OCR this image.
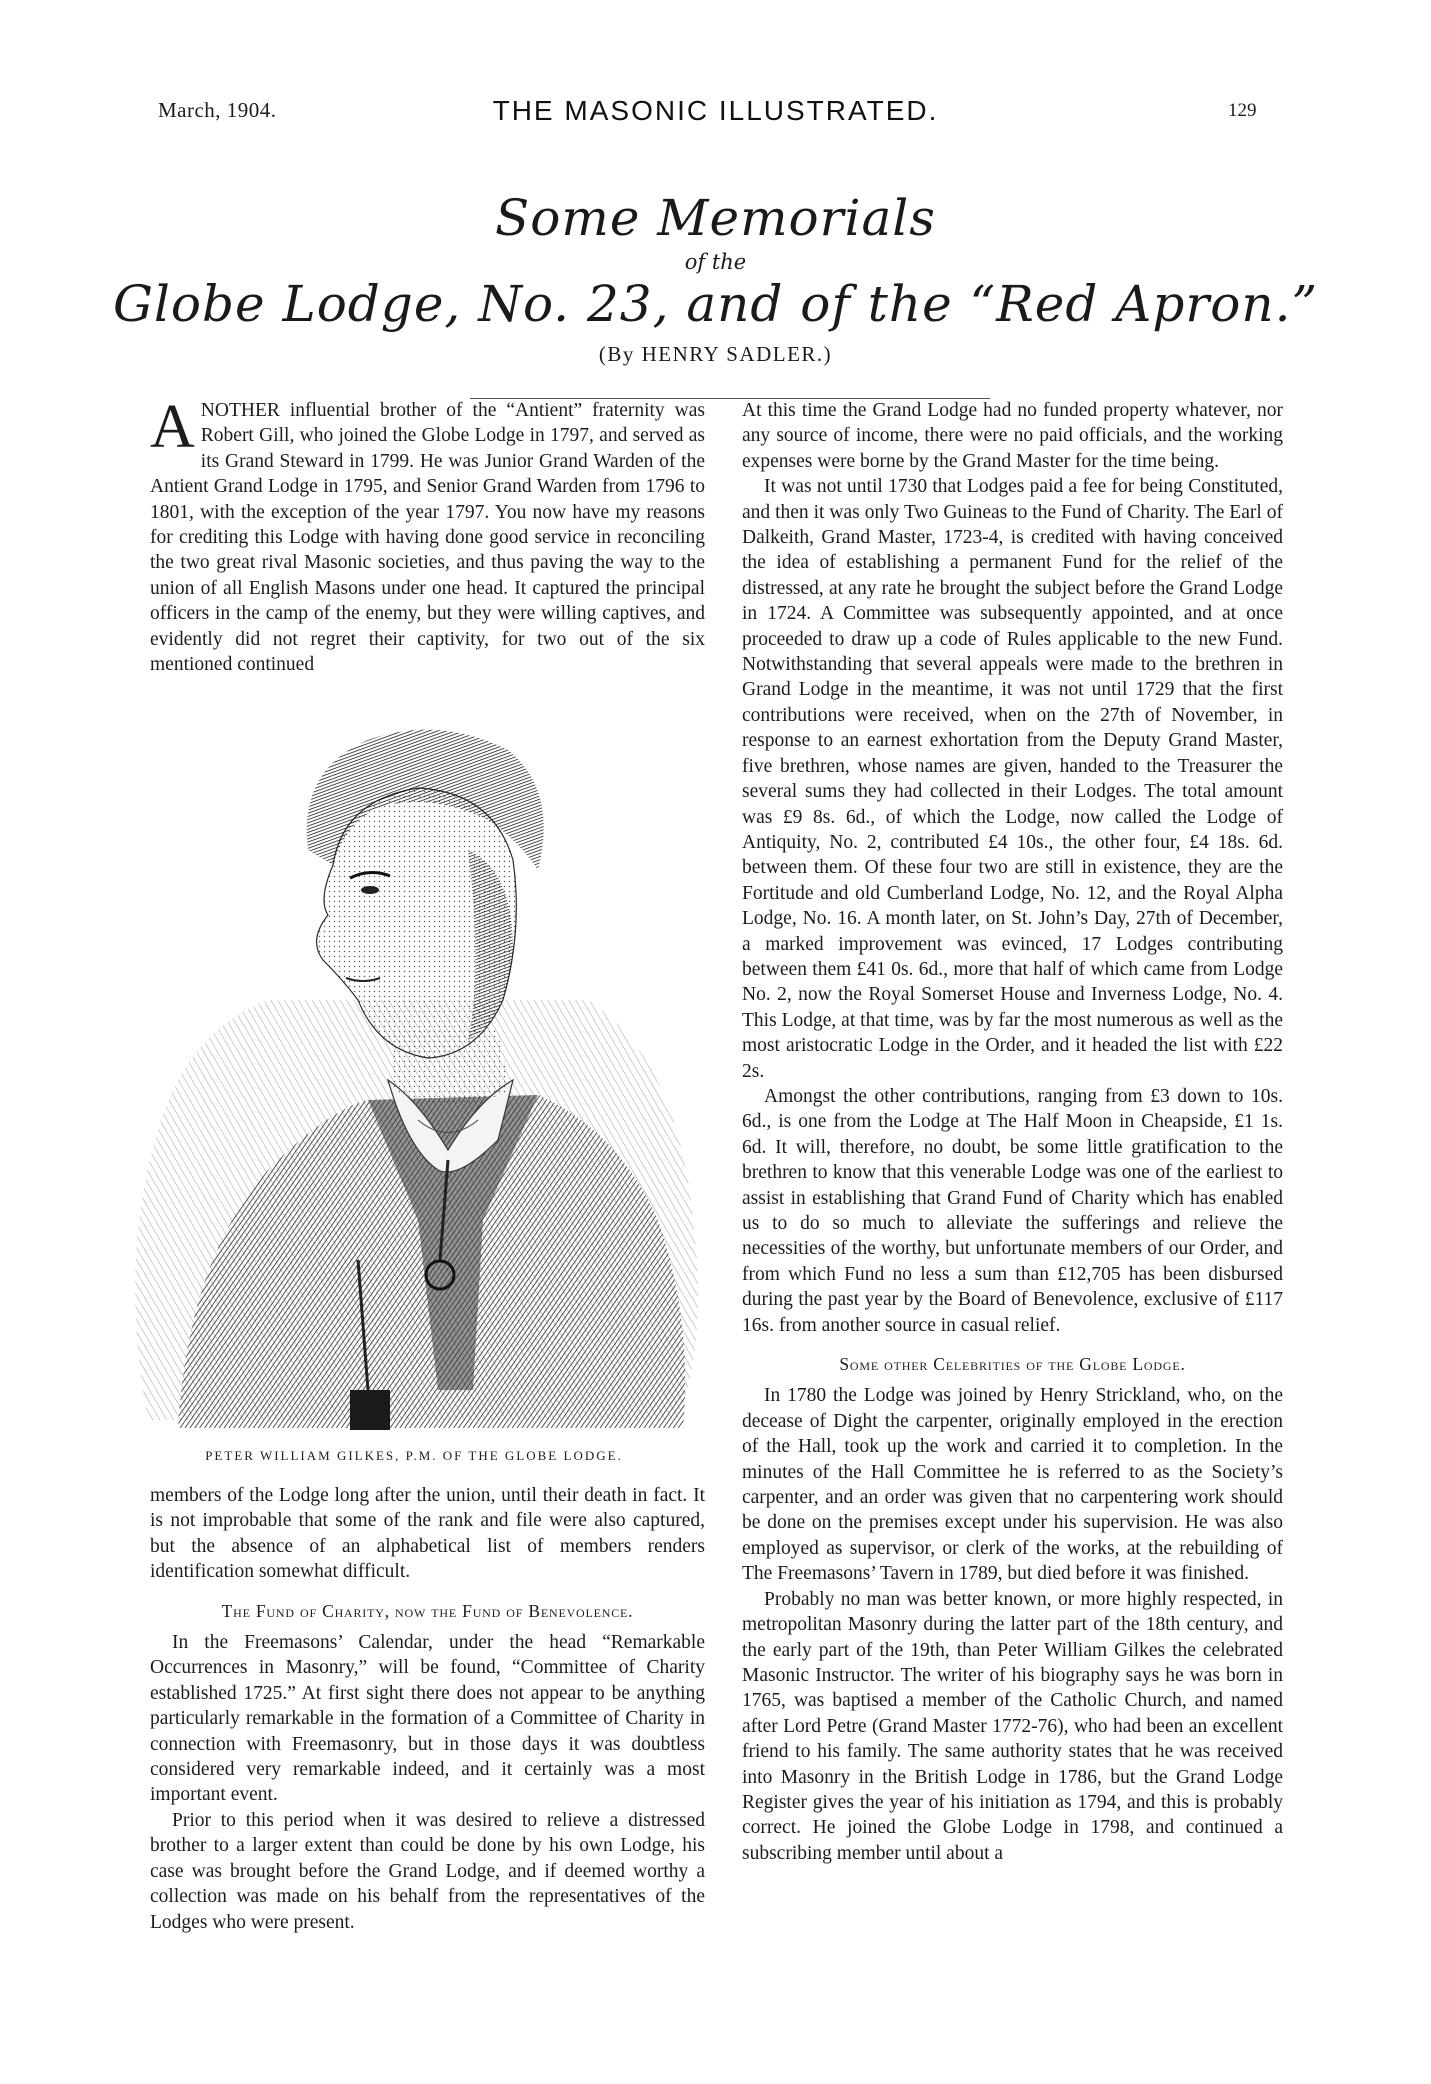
March, 1904.	THE MASONIC ILLUSTRATED.	129
Some Memorials
of the
Globe Lodge, No. 23, and of the “Red Apron.”
(By HENRY SADLER.)

ANOTHER influential brother of the “Antient” fraternity was Robert Gill, who joined the Globe Lodge in 1797, and served as its Grand Steward in 1799. He was Junior Grand Warden of the Antient Grand Lodge in 1795, and Senior Grand Warden from 1796 to 1801, with the exception of the year 1797. You now have my reasons for crediting this Lodge with having done good service in reconciling the two great rival Masonic societies, and thus paving the way to the union of all English Masons under one head. It captured the principal officers in the camp of the enemy, but they were willing captives, and evidently did not regret their captivity, for two out of the six mentioned continued

PETER WILLIAM GILKES, P.M. OF THE GLOBE LODGE.

members of the Lodge long after the union, until their death in fact. It is not improbable that some of the rank and file were also captured, but the absence of an alphabetical list of members renders identification somewhat difficult.

The Fund of Charity, now the Fund of Benevolence.

In the Freemasons’ Calendar, under the head “Remarkable Occurrences in Masonry,” will be found, “Committee of Charity established 1725.” At first sight there does not appear to be anything particularly remarkable in the formation of a Committee of Charity in connection with Freemasonry, but in those days it was doubtless considered very remarkable indeed, and it certainly was a most important event.

Prior to this period when it was desired to relieve a distressed brother to a larger extent than could be done by his own Lodge, his case was brought before the Grand Lodge, and if deemed worthy a collection was made on his behalf from the representatives of the Lodges who were present.

At this time the Grand Lodge had no funded property whatever, nor any source of income, there were no paid officials, and the working expenses were borne by the Grand Master for the time being.

It was not until 1730 that Lodges paid a fee for being Constituted, and then it was only Two Guineas to the Fund of Charity. The Earl of Dalkeith, Grand Master, 1723-4, is credited with having conceived the idea of establishing a permanent Fund for the relief of the distressed, at any rate he brought the subject before the Grand Lodge in 1724. A Committee was subsequently appointed, and at once proceeded to draw up a code of Rules applicable to the new Fund. Notwithstanding that several appeals were made to the brethren in Grand Lodge in the meantime, it was not until 1729 that the first contributions were received, when on the 27th of November, in response to an earnest exhortation from the Deputy Grand Master, five brethren, whose names are given, handed to the Treasurer the several sums they had collected in their Lodges. The total amount was £9 8s. 6d., of which the Lodge, now called the Lodge of Antiquity, No. 2, contributed £4 10s., the other four, £4 18s. 6d. between them. Of these four two are still in existence, they are the Fortitude and old Cumberland Lodge, No. 12, and the Royal Alpha Lodge, No. 16. A month later, on St. John’s Day, 27th of December, a marked improvement was evinced, 17 Lodges contributing between them £41 0s. 6d., more that half of which came from Lodge No. 2, now the Royal Somerset House and Inverness Lodge, No. 4. This Lodge, at that time, was by far the most numerous as well as the most aristocratic Lodge in the Order, and it headed the list with £22 2s.

Amongst the other contributions, ranging from £3 down to 10s. 6d., is one from the Lodge at The Half Moon in Cheapside, £1 1s. 6d. It will, therefore, no doubt, be some little gratification to the brethren to know that this venerable Lodge was one of the earliest to assist in establishing that Grand Fund of Charity which has enabled us to do so much to alleviate the sufferings and relieve the necessities of the worthy, but unfortunate members of our Order, and from which Fund no less a sum than £12,705 has been disbursed during the past year by the Board of Benevolence, exclusive of £117 16s. from another source in casual relief.

Some other Celebrities of the Globe Lodge.

In 1780 the Lodge was joined by Henry Strickland, who, on the decease of Dight the carpenter, originally employed in the erection of the Hall, took up the work and carried it to completion. In the minutes of the Hall Committee he is referred to as the Society’s carpenter, and an order was given that no carpentering work should be done on the premises except under his supervision. He was also employed as supervisor, or clerk of the works, at the rebuilding of The Freemasons’ Tavern in 1789, but died before it was finished.

Probably no man was better known, or more highly respected, in metropolitan Masonry during the latter part of the 18th century, and the early part of the 19th, than Peter William Gilkes the celebrated Masonic Instructor. The writer of his biography says he was born in 1765, was baptised a member of the Catholic Church, and named after Lord Petre (Grand Master 1772-76), who had been an excellent friend to his family. The same authority states that he was received into Masonry in the British Lodge in 1786, but the Grand Lodge Register gives the year of his initiation as 1794, and this is probably correct. He joined the Globe Lodge in 1798, and continued a subscribing member until about a
